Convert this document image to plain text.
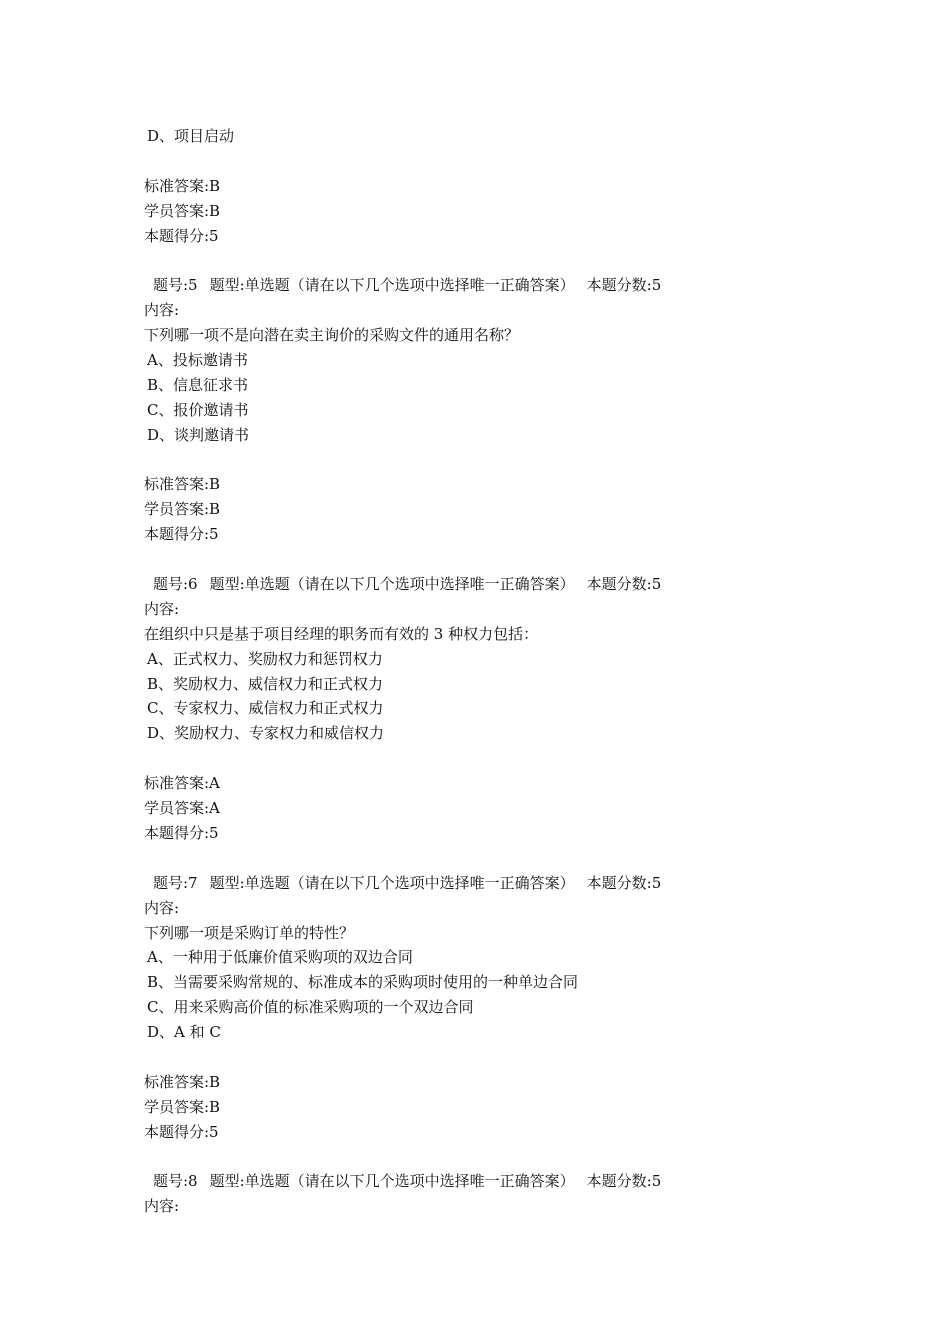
D、项目启动

标准答案:B

学员答案:B

本题得分:5

题号:5 题型:单选题（请在以下几个选项中选择唯一正确答案） 本题分数:5

内容:

下列哪一项不是向潜在卖主询价的采购文件的通用名称？

A、投标邀请书

B、信息征求书

C、报价邀请书

D、谈判邀请书

标准答案:B

学员答案:B

本题得分:5

题号:6 题型:单选题（请在以下几个选项中选择唯一正确答案） 本题分数:5

内容:

在组织中只是基于项目经理的职务而有效的 3 种权力包括：

A、正式权力、奖励权力和惩罚权力

B、奖励权力、威信权力和正式权力

C、专家权力、威信权力和正式权力

D、奖励权力、专家权力和威信权力

标准答案:A

学员答案:A

本题得分:5

题号:7 题型:单选题（请在以下几个选项中选择唯一正确答案） 本题分数:5

内容:

下列哪一项是采购订单的特性？

A、一种用于低廉价值采购项的双边合同

B、当需要采购常规的、标准成本的采购项时使用的一种单边合同

C、用来采购高价值的标准采购项的一个双边合同

D、A 和 C

标准答案:B

学员答案:B

本题得分:5

题号:8 题型:单选题（请在以下几个选项中选择唯一正确答案） 本题分数:5

内容:
